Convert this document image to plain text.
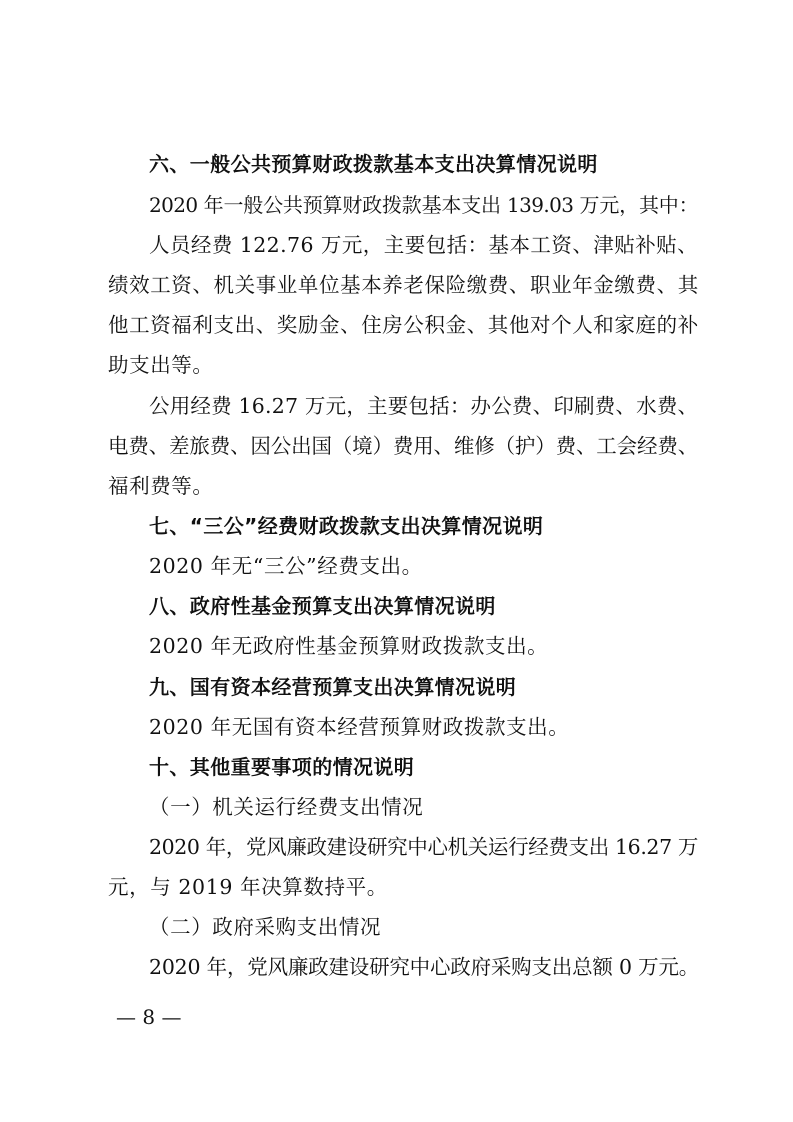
六、一般公共预算财政拨款基本支出决算情况说明
2020 年一般公共预算财政拨款基本支出 139.03 万元，其中：
人员经费 122.76 万元，主要包括：基本工资、津贴补贴、
绩效工资、机关事业单位基本养老保险缴费、职业年金缴费、其
他工资福利支出、奖励金、住房公积金、其他对个人和家庭的补
助支出等。
公用经费 16.27 万元，主要包括：办公费、印刷费、水费、
电费、差旅费、因公出国（境）费用、维修（护）费、工会经费、
福利费等。
七、“三公”经费财政拨款支出决算情况说明
2020 年无“三公”经费支出。
八、政府性基金预算支出决算情况说明
2020 年无政府性基金预算财政拨款支出。
九、国有资本经营预算支出决算情况说明
2020 年无国有资本经营预算财政拨款支出。
十、其他重要事项的情况说明
（一）机关运行经费支出情况
2020 年，党风廉政建设研究中心机关运行经费支出 16.27 万
元，与 2019 年决算数持平。
（二）政府采购支出情况
2020 年，党风廉政建设研究中心政府采购支出总额 0 万元。
— 8 —
